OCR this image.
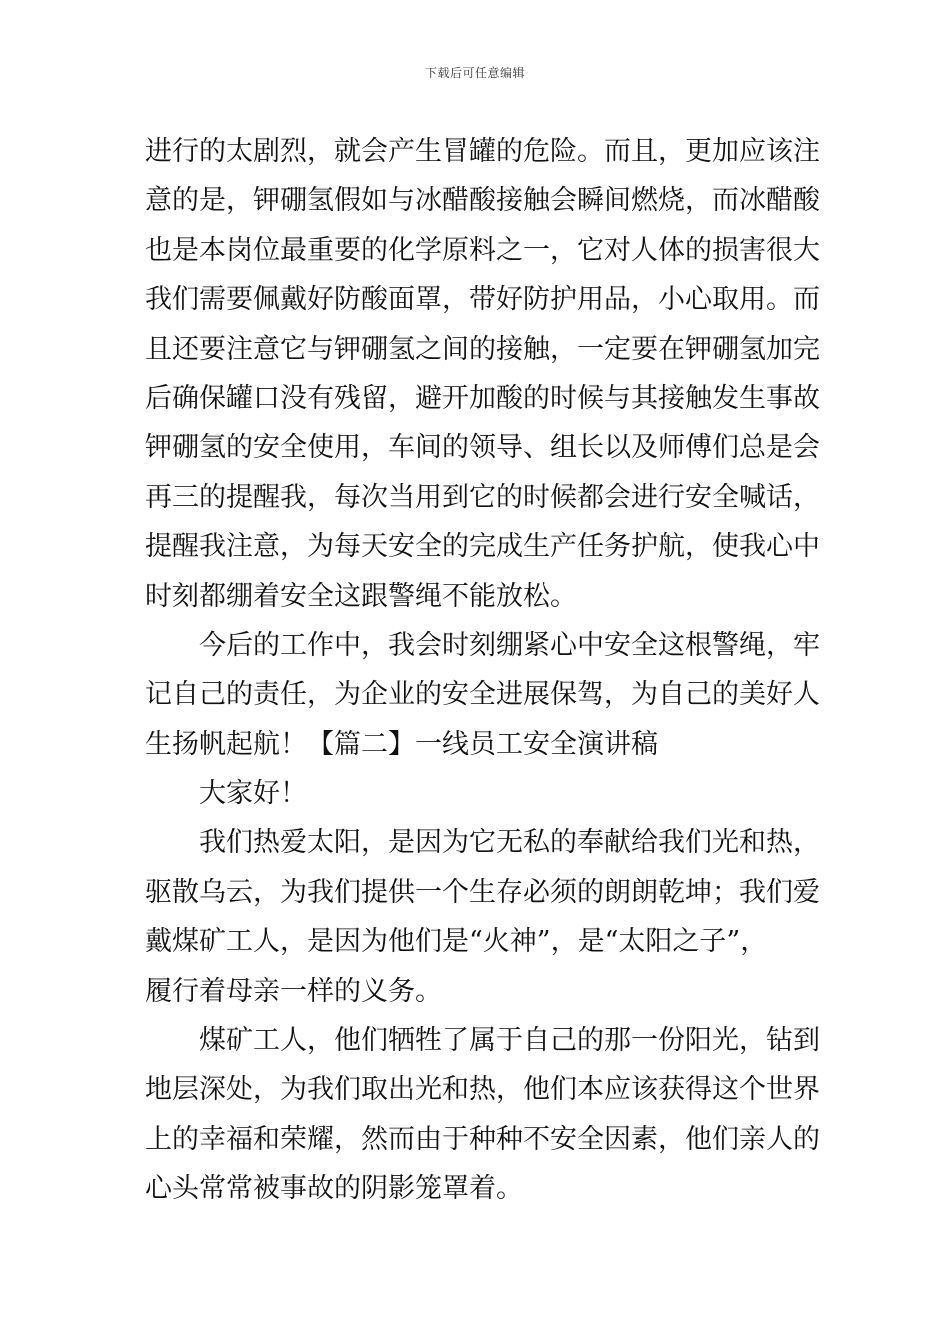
下载后可任意编辑

进行的太剧烈，就会产生冒罐的危险。而且，更加应该注
意的是，钾硼氢假如与冰醋酸接触会瞬间燃烧，而冰醋酸
也是本岗位最重要的化学原料之一，它对人体的损害很大
我们需要佩戴好防酸面罩，带好防护用品，小心取用。而
且还要注意它与钾硼氢之间的接触，一定要在钾硼氢加完
后确保罐口没有残留，避开加酸的时候与其接触发生事故
钾硼氢的安全使用，车间的领导、组长以及师傅们总是会
再三的提醒我，每次当用到它的时候都会进行安全喊话，
提醒我注意，为每天安全的完成生产任务护航，使我心中
时刻都绷着安全这跟警绳不能放松。

今后的工作中，我会时刻绷紧心中安全这根警绳，牢
记自己的责任，为企业的安全进展保驾，为自己的美好人
生扬帆起航！【篇二】一线员工安全演讲稿

大家好！

我们热爱太阳，是因为它无私的奉献给我们光和热，
驱散乌云，为我们提供一个生存必须的朗朗乾坤；我们爱
戴煤矿工人，是因为他们是“火神”，是“太阳之子”，
履行着母亲一样的义务。

煤矿工人，他们牺牲了属于自己的那一份阳光，钻到
地层深处，为我们取出光和热，他们本应该获得这个世界
上的幸福和荣耀，然而由于种种不安全因素，他们亲人的
心头常常被事故的阴影笼罩着。
